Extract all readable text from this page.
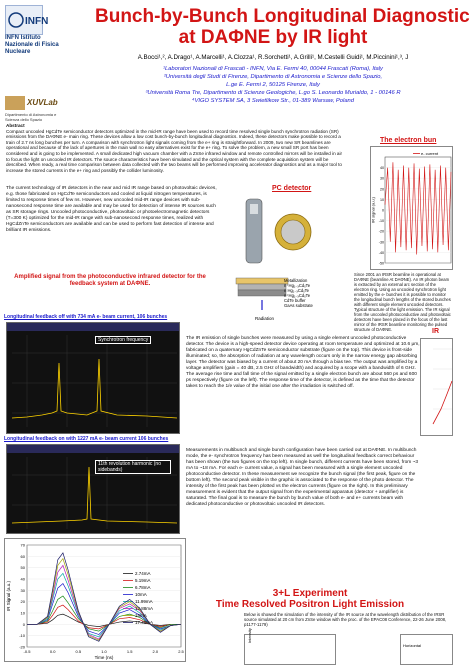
INFN
INFN Istituto Nazionale di Fisica Nucleare
Bunch-by-Bunch Longitudinal Diagnostic
at DAΦNE by IR light
A.Bocci¹,², A.Drago¹, A.Marcelli¹, A.Clozza¹, R.Sorchetti¹, A.Grilli¹, M.Cestelli Guidi¹, M.Piccinini¹,³, J
¹Laboratori Nazionali di Frascati - INFN, Via E. Fermi 40, 00044 Frascati (Roma), Italy
²Università degli Studi di Firenze, Dipartimento di Astronomia e Scienze dello Spazio,
L.ge E. Fermi 2, 50125 Firenze, Italy
³Università Roma Tre, Dipartimento di Scienze Geologiche, L.go S. Leonardo Murialdo, 1 - 00146 R
⁴VIGO SYSTEM SA, 3 Swietlikow Str., 01-389 Warsaw, Poland
XUVLab
Dipartimento di Astronomia e Scienza dello Spazio
Abstract
Compact uncooled HgCdTe semiconductor detectors optimized in the mid-IR range have been used to record time resolved single bunch synchrotron radiation (SR) emissions from the DAΦNE e- main ring. These devices allow a low cost bunch-by-bunch longitudinal diagnostics. Indeed, these detectors make possible to record a train of 2.7 ns long bunches per turn. A comparison with synchrotron light signals coming from the e+ ring is straightforward. In 2009, two new SR beamlines are operational and because of the lack of apertures in the main wall no easy alternatives exist for the e+ ring. To solve the problem, a new small SR port has been considered and is going to be implemented. A small dedicated high vacuum chamber with a ZnSe infrared window and remote controlled mirrors will be installed in air to focus the light on uncooled IR detectors. The source characteristics have been simulated and the optical system with the complete acquisition system will be described. When ready, a real time comparison between data collected with the two beams will be performed improving accelerator diagnostics and as a major tool to increase the stored currents in the e+ ring and possibly the collider luminosity.
The current technology of IR detectors in the near and mid IR range based on photovoltaic devices, e.g. those fabricated on HgCdTe semiconductors and cooled at liquid nitrogen temperatures, is limited to response times of few ns. However, new uncooled mid-IR range devices with sub-nanosecond response time are available and may be used for detection of intense IR sources such as SR storage rings. Uncooled photoconductive, photovoltaic or photoelectromagnetic detectors (T=300 K) optimized for the mid-IR range with sub-nanosecond response times, realized with HgCdZnTe semiconductors are available and can be used to perform fast detection of intense and brilliant IR emissions.
Amplified signal from the photoconductive infrared detector for the feedback system at DAΦNE.
PC detector
Metallization
n⁺Hg₁₋ₓCdₓTe
n Hg₁₋ₓCdₓTe
n⁺Hg₁₋ₓCdₓTe
CdTe buffer
GaAs substrate
Radiation
The electron bun
40
30
20
10
0
-10
-20
-30
-40
-50
e- current
IR signal (a.u.)
Since 2001 an IRSR beamline is operational at DAΦNE (beamline At DAΦNE). An IR photon beam is extracted by an external arc section of the electron ring. Using an uncooled synchrotron light emitted by the e- bunches it is possible to monitor the longitudinal bunch lengths of the stored bunches with different single element uncooled detectors. Typical structure of the light emission. The IR signal from the uncooled photoconductive and photovoltaic detectors have been placed in the focus of the last mirror of the IRSR beamline monitoring the pulsed structure of DAΦNE.	IR
Longitudinal feedback off with 734 mA e- beam current, 106 bunches
Synchrotron frequency
Longitudinal feedback on with 1227 mA e- beam current 106 bunches
11th revolution harmonic (no sidebands)
-20
-10
0
10
20
30
40
50
60
70
-0.5	0.0	0.5	1.0	1.5	2.0	2.5
Time (ns)
IR Signal (a.u.)
2.74mA
5.19mA
6.78mA
10mA
11.99mA
12.88mA
15mA
17.48mA
The IR emission of single bunches were measured by using a single element uncooled photoconductive detector. The device is a high-speed detector device operating at room temperature and optimized at 10.6 μm, fabricated on a quaternary HgCdZnTe semiconductor substrate (figure on the top). This device is front-side illuminated; so, the absorption of radiation at any wavelength occurs only in the narrow energy gap absorbing layer. The detector was biased by a current of about 20 mA through a bias tee. The output was amplified by a voltage amplifiers (gain = 40 dB, 2.5 GHz of bandwidth) and acquired by a scope with a bandwidth of 6 GHz. The average rise time and fall time of the signal emitted by a single electron bunch are about 560 ps and 600 ps respectively (figure on the left). The response time of the detector, is defined as the time that the detector takes to reach the 1/e value of the initial one after the irradiation is switched off.
Measurements in multibunch and single bunch configuration have been carried out at DAΦNE. In multibunch mode, the e- synchrotron frequency has been measured as well the longitudinal feedback correct behaviour has been shown (the two figures on the top left). In single bunch, different currents have been stored, from ~3 mA to ~18 mA. For each e- current value, a signal has been measured with a single element uncooled photoconductive detector. In these measurement we recognize the bunch signal (the first peak, figure on the bottom left). The second peak visible in the graphic is associated to the response of the photo detector. The intensity of the first peak has been plotted vs the electron currents (figure on the right). In this preliminary measurement is evident that the output signal from the experimental apparatus (detector + amplifier) is saturated. The final goal is to measure the bunch by bunch value of both e- and e+ currents beam with dedicated photoconductive or photovoltaic uncooled IR detectors.
3+L Experiment
Time Resolved Positron Light Emission
Below is showed the simulation of the intensity of the IR source at the wavelength distribution of the IRSR source simulated at 20 cm from ZnSe window with the proc. of the EPAC08 Conference, 22-26 June 2008, p1177-1179)
Intensity
Horizontal
